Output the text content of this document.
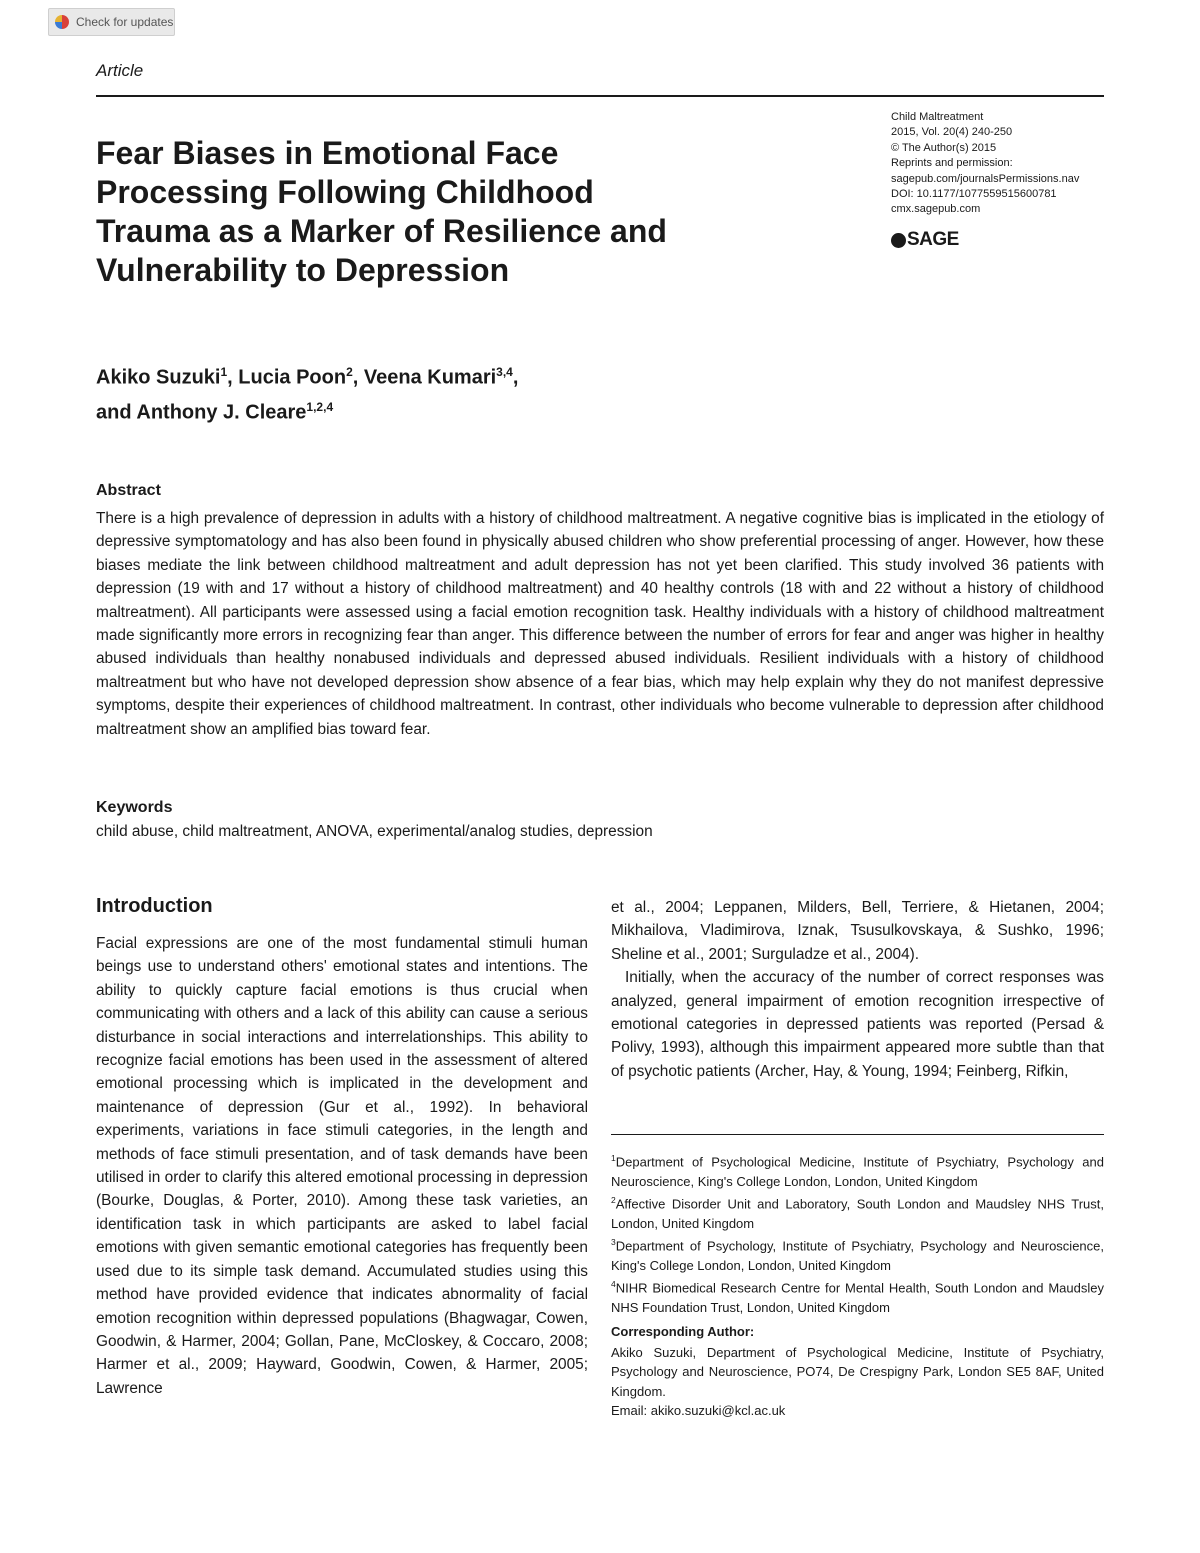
Check for updates
Article
Fear Biases in Emotional Face Processing Following Childhood Trauma as a Marker of Resilience and Vulnerability to Depression
Child Maltreatment
2015, Vol. 20(4) 240-250
© The Author(s) 2015
Reprints and permission:
sagepub.com/journalsPermissions.nav
DOI: 10.1177/1077559515600781
cmx.sagepub.com
SAGE
Akiko Suzuki$^1$, Lucia Poon$^2$, Veena Kumari$^{3,4}$,
and Anthony J. Cleare$^{1,2,4}$
Abstract

There is a high prevalence of depression in adults with a history of childhood maltreatment. A negative cognitive bias is implicated in the etiology of depressive symptomatology and has also been found in physically abused children who show preferential processing of anger. However, how these biases mediate the link between childhood maltreatment and adult depression has not yet been clarified. This study involved 36 patients with depression (19 with and 17 without a history of childhood maltreatment) and 40 healthy controls (18 with and 22 without a history of childhood maltreatment). All participants were assessed using a facial emotion recognition task. Healthy individuals with a history of childhood maltreatment made significantly more errors in recognizing fear than anger. This difference between the number of errors for fear and anger was higher in healthy abused individuals than healthy nonabused individuals and depressed abused individuals. Resilient individuals with a history of childhood maltreatment but who have not developed depression show absence of a fear bias, which may help explain why they do not manifest depressive symptoms, despite their experiences of childhood maltreatment. In contrast, other individuals who become vulnerable to depression after childhood maltreatment show an amplified bias toward fear.

Keywords
child abuse, child maltreatment, ANOVA, experimental/analog studies, depression
Introduction

Facial expressions are one of the most fundamental stimuli human beings use to understand others' emotional states and intentions. The ability to quickly capture facial emotions is thus crucial when communicating with others and a lack of this ability can cause a serious disturbance in social interactions and interrelationships. This ability to recognize facial emotions has been used in the assessment of altered emotional processing which is implicated in the development and maintenance of depression (Gur et al., 1992). In behavioral experiments, variations in face stimuli categories, in the length and methods of face stimuli presentation, and of task demands have been utilised in order to clarify this altered emotional processing in depression (Bourke, Douglas, & Porter, 2010). Among these task varieties, an identification task in which participants are asked to label facial emotions with given semantic emotional categories has frequently been used due to its simple task demand. Accumulated studies using this method have provided evidence that indicates abnormality of facial emotion recognition within depressed populations (Bhagwagar, Cowen, Goodwin, & Harmer, 2004; Gollan, Pane, McCloskey, & Coccaro, 2008; Harmer et al., 2009; Hayward, Goodwin, Cowen, & Harmer, 2005; Lawrence

et al., 2004; Leppanen, Milders, Bell, Terriere, & Hietanen, 2004; Mikhailova, Vladimirova, Iznak, Tsusulkovskaya, & Sushko, 1996; Sheline et al., 2001; Surguladze et al., 2004).

Initially, when the accuracy of the number of correct responses was analyzed, general impairment of emotion recognition irrespective of emotional categories in depressed patients was reported (Persad & Polivy, 1993), although this impairment appeared more subtle than that of psychotic patients (Archer, Hay, & Young, 1994; Feinberg, Rifkin,

$^1$Department of Psychological Medicine, Institute of Psychiatry, Psychology and Neuroscience, King's College London, London, United Kingdom

$^2$Affective Disorder Unit and Laboratory, South London and Maudsley NHS Trust, London, United Kingdom

$^3$Department of Psychology, Institute of Psychiatry, Psychology and Neuroscience, King's College London, London, United Kingdom

$^4$NIHR Biomedical Research Centre for Mental Health, South London and Maudsley NHS Foundation Trust, London, United Kingdom

Corresponding Author:

Akiko Suzuki, Department of Psychological Medicine, Institute of Psychiatry, Psychology and Neuroscience, PO74, De Crespigny Park, London SE5 8AF, United Kingdom.

Email: akiko.suzuki@kcl.ac.uk
